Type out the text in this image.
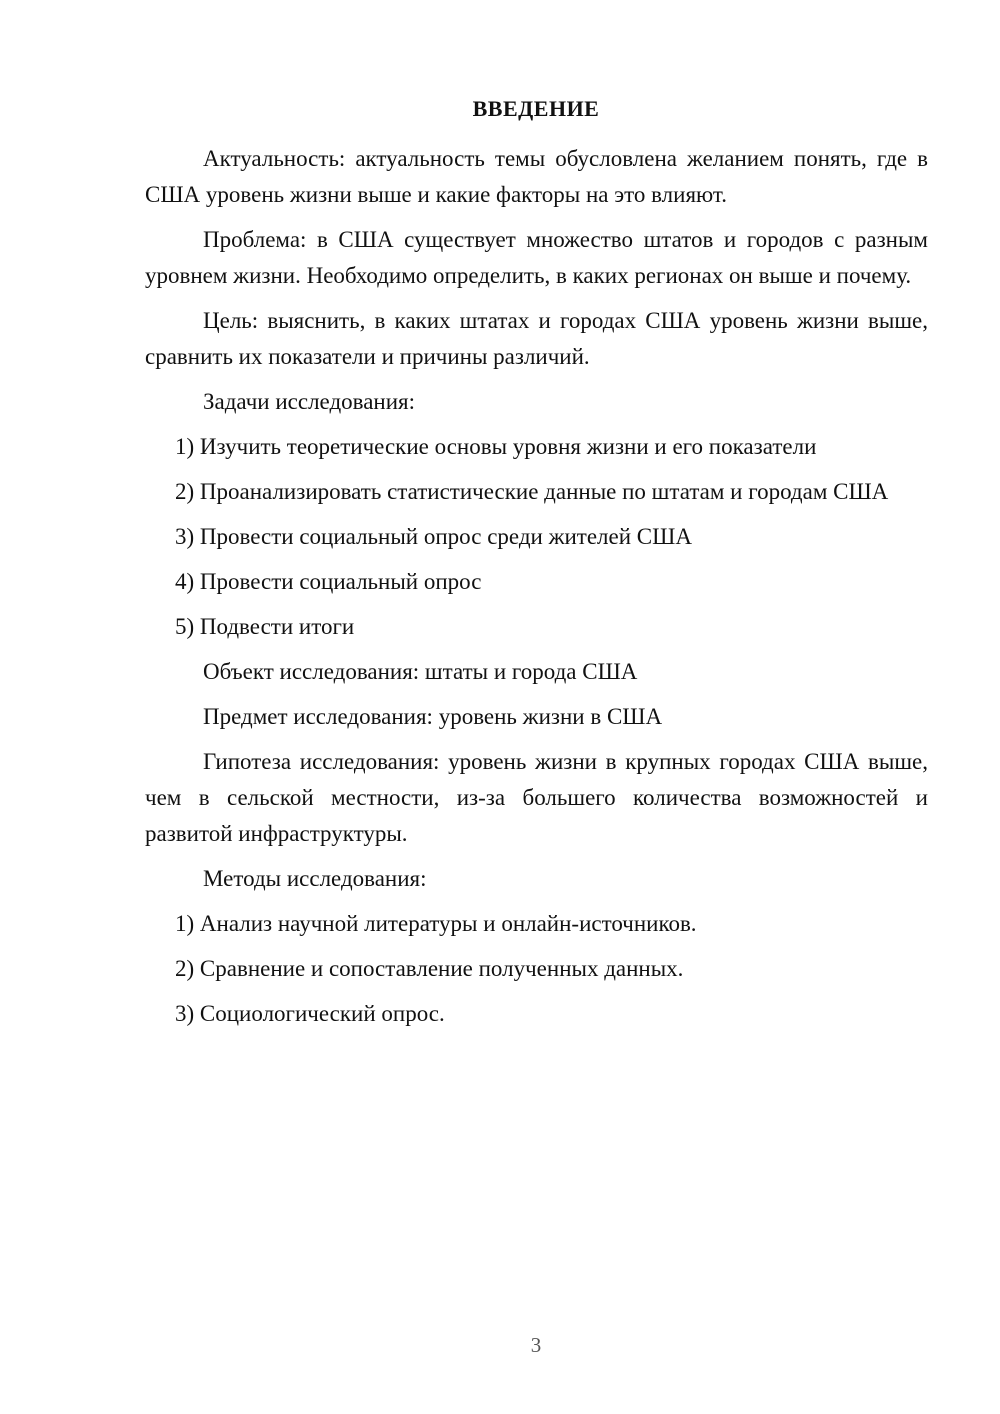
ВВЕДЕНИЕ

Актуальность: актуальность темы обусловлена желанием понять, где в США уровень жизни выше и какие факторы на это влияют.

Проблема: в США существует множество штатов и городов с разным уровнем жизни. Необходимо определить, в каких регионах он выше и почему.

Цель: выяснить, в каких штатах и городах США уровень жизни выше, сравнить их показатели и причины различий.

Задачи исследования:

1) Изучить теоретические основы уровня жизни и его показатели

2) Проанализировать статистические данные по штатам и городам США

3) Провести социальный опрос среди жителей США

4) Провести социальный опрос

5) Подвести итоги

Объект исследования: штаты и города США

Предмет исследования: уровень жизни в США

Гипотеза исследования: уровень жизни в крупных городах США выше, чем в сельской местности, из-за большего количества возможностей и развитой инфраструктуры.

Методы исследования:

1) Анализ научной литературы и онлайн-источников.

2) Сравнение и сопоставление полученных данных.

3) Социологический опрос.

3
